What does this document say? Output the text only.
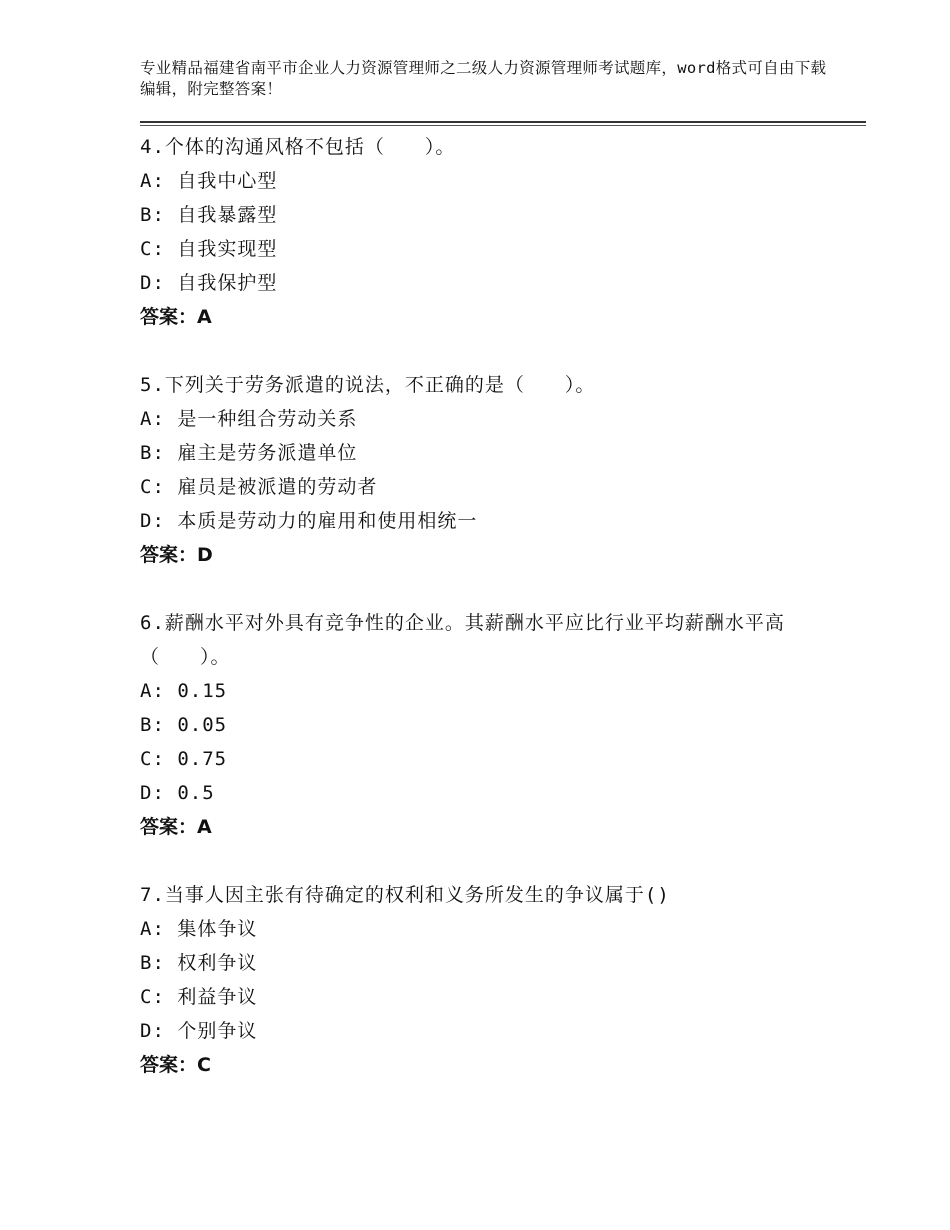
专业精品福建省南平市企业人力资源管理师之二级人力资源管理师考试题库，word格式可自由下载编辑，附完整答案！
4.个体的沟通风格不包括（　　）。
A: 自我中心型
B: 自我暴露型
C: 自我实现型
D: 自我保护型
答案：A
5.下列关于劳务派遣的说法，不正确的是（　　）。
A: 是一种组合劳动关系
B: 雇主是劳务派遣单位
C: 雇员是被派遣的劳动者
D: 本质是劳动力的雇用和使用相统一
答案：D
6.薪酬水平对外具有竞争性的企业。其薪酬水平应比行业平均薪酬水平高（　　）。
A: 0.15
B: 0.05
C: 0.75
D: 0.5
答案：A
7.当事人因主张有待确定的权利和义务所发生的争议属于()
A: 集体争议
B: 权利争议
C: 利益争议
D: 个别争议
答案：C
